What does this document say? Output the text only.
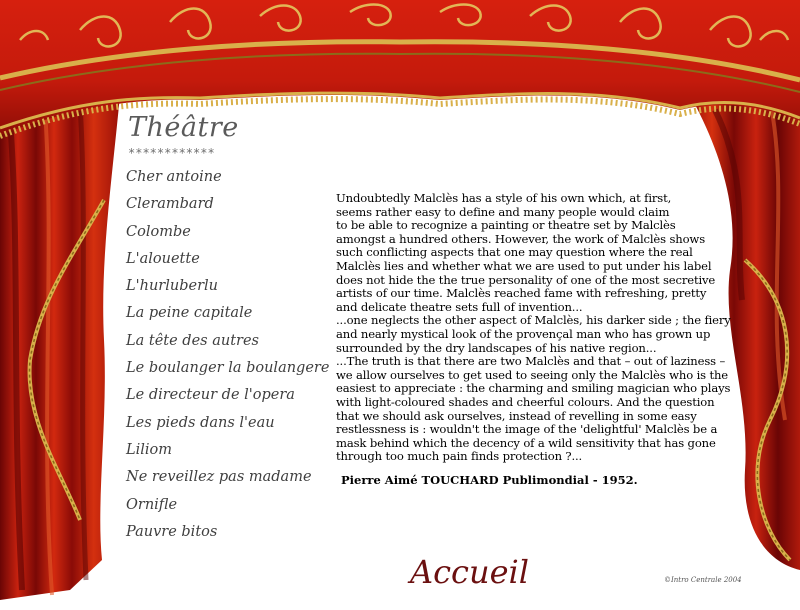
Théâtre
************
Cher antoine
Clerambard
Colombe
L'alouette
L'hurluberlu
La peine capitale
La tête des autres
Le boulanger la boulangere
Le directeur de l'opera
Les pieds dans l'eau
Liliom
Ne reveillez pas madame
Ornifle
Pauvre bitos
Undoubtedly Malclès has a style of his own which, at first,
seems rather easy to define and many people would claim
to be able to recognize a painting or theatre set by Malclès
amongst a hundred others. However, the work of Malclès shows
such conflicting aspects that one may question where the real
Malclès lies and whether what we are used to put under his label
does not hide the the true personality of one of the most secretive
artists of our time. Malclès reached fame with refreshing, pretty
and delicate theatre sets full of invention...
...one neglects the other aspect of Malclès, his darker side ; the fiery
and nearly mystical look of the provençal man who has grown up
surrounded by the dry landscapes of his native region...
...The truth is that there are two Malclès and that – out of laziness –
we allow ourselves to get used to seeing only the Malclès who is the
easiest to appreciate : the charming and smiling magician who plays
with light-coloured shades and cheerful colours. And the question
that we should ask ourselves, instead of revelling in some easy
restlessness is : wouldn't the image of the 'delightful' Malclès be a
mask behind which the decency of a wild sensitivity that has gone
through too much pain finds protection ?...
Pierre Aimé TOUCHARD Publimondial - 1952.
Accueil	©Intro Centrale 2004
